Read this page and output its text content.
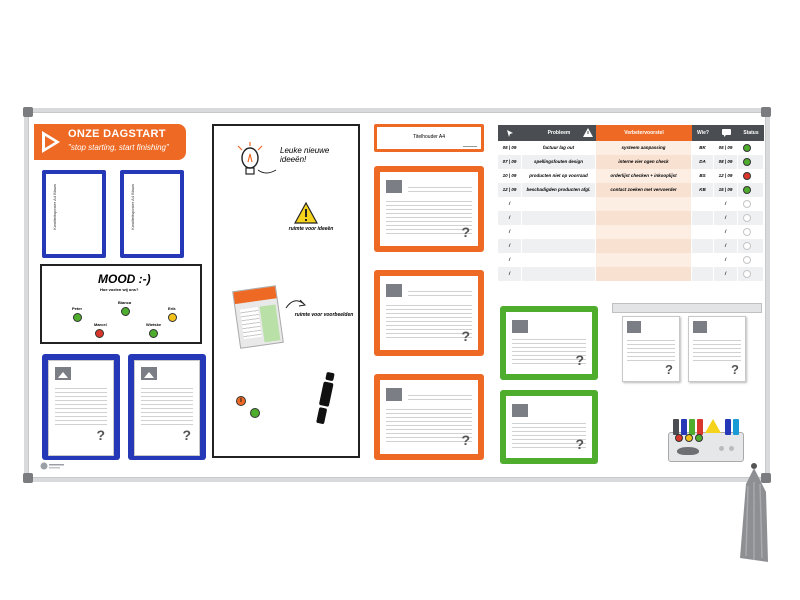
ONZE DAGSTART
"stop starting, start finishing"
Kwaliteitsposter A4 Blauw	Kwaliteitsposter A4 Blauw
MOOD :-)
Hoe voelen wij ons?
Peter
Bianca
Erik
Marcel	Wietske
?	?
Leuke nieuwe ideeën!
ruimte voor ideeën
ruimte voor voorbeelden
i
Titelhouder A4
?
?
?
Probleem	Verbetervoorstel	Wie?	Status
05 | 09	factuur lag out	systeem aanpassing	BK	05 | 09
07 | 09	spellingsfouten design	interne vier ogen check	DA	08 | 09
10 | 09	producten niet op voorraad	orderlijst checken + inkooplijst	BS	12 | 09
12 | 09	beschadigden producten afgl.	contact zoeken met vervoerder	KB	15 | 09
/	/
/	/
/	/
/	/
/	/
/	/
?
?
?	?
